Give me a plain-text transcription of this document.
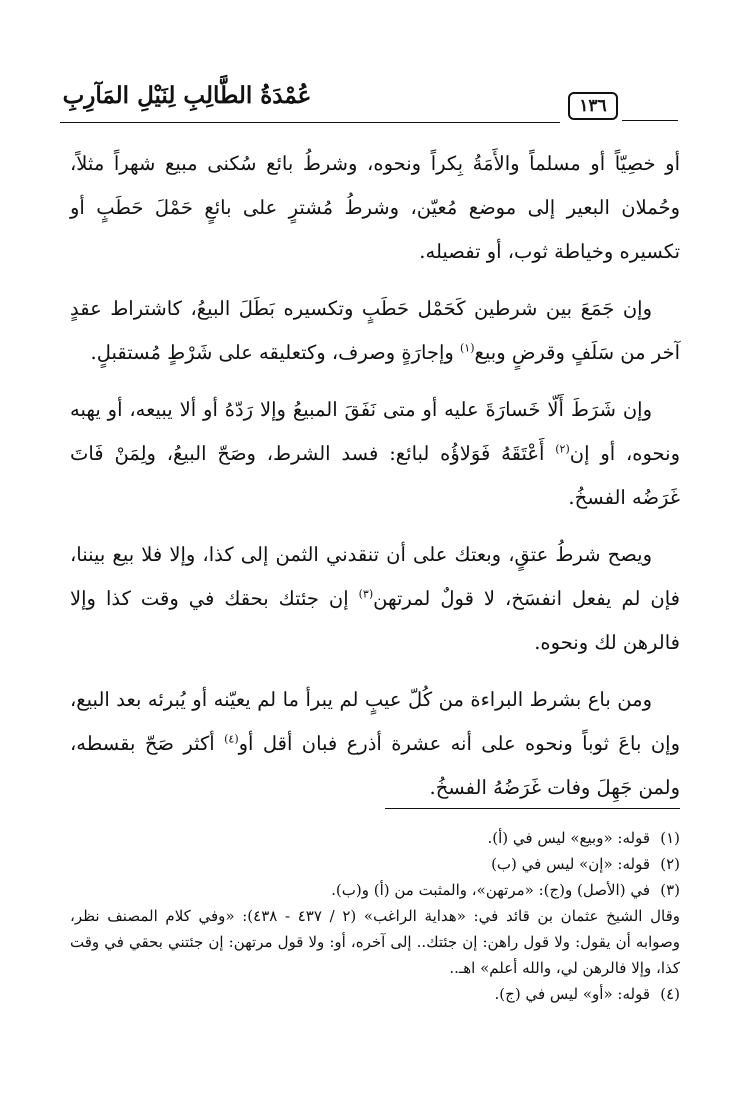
عُمْدَةُ الطَّالِبِ لِنَيْلِ المَآرِبِ	١٣٦

أو خصِيّاً أو مسلماً والأَمَةُ بِكراً ونحوه، وشرطُ بائع سُكنى مبيع شهراً مثلاً، وحُملان البعير إلى موضع مُعيّن، وشرطُ مُشترٍ على بائعٍ حَمْلَ حَطَبٍ أو تكسيره وخياطة ثوب، أو تفصيله.

وإن جَمَعَ بين شرطين كَحَمْل حَطَبٍ وتكسيره بَطَلَ البيعُ، كاشتراط عقدٍ آخر من سَلَفٍ وقرضٍ وبيع$^{(١)}$ وإجارَةٍ وصرف، وكتعليقه على شَرْطٍ مُستقبلٍ.

وإن شَرَطَ أَلّا خَسارَةَ عليه أو متى نَفَقَ المبيعُ وإلا رَدّهُ أو ألا يبيعه، أو يهبه ونحوه، أو إن$^{(٢)}$ أَعْتَقَهُ فَوَلاؤُه لبائع: فسد الشرط، وصَحّ البيعُ، ولِمَنْ فَاتَ غَرَضُه الفسخُ.

ويصح شرطُ عتقٍ، وبعتك على أن تنقدني الثمن إلى كذا، وإلا فلا بيع بيننا، فإن لم يفعل انفسَخ، لا قولٌ لمرتهن$^{(٣)}$ إن جئتك بحقك في وقت كذا وإلا فالرهن لك ونحوه.

ومن باع بشرط البراءة من كُلّ عيبٍ لم يبرأ ما لم يعيّنه أو يُبرئه بعد البيع، وإن باعَ ثوباً ونحوه على أنه عشرة أذرع فبان أقل أو$^{(٤)}$ أكثر صَحّ بقسطه، ولمن جَهِلَ وفات غَرَضُهُ الفسخُ.

(١)قوله: «وبيع» ليس في (أ).

(٢)قوله: «إن» ليس في (ب)

(٣)في (الأصل) و(ج): «مرتهن»، والمثبت من (أ) و(ب).

وقال الشيخ عثمان بن قائد في: «هداية الراغب» (٢ / ٤٣٧ - ٤٣٨): «وفي كلام المصنف نظر، وصوابه أن يقول: ولا قول راهن: إن جئتك.. إلى آخره، أو: ولا قول مرتهن: إن جئتني بحقي في وقت كذا، وإلا فالرهن لي، والله أعلم» اهـ..

(٤)قوله: «أو» ليس في (ج).
